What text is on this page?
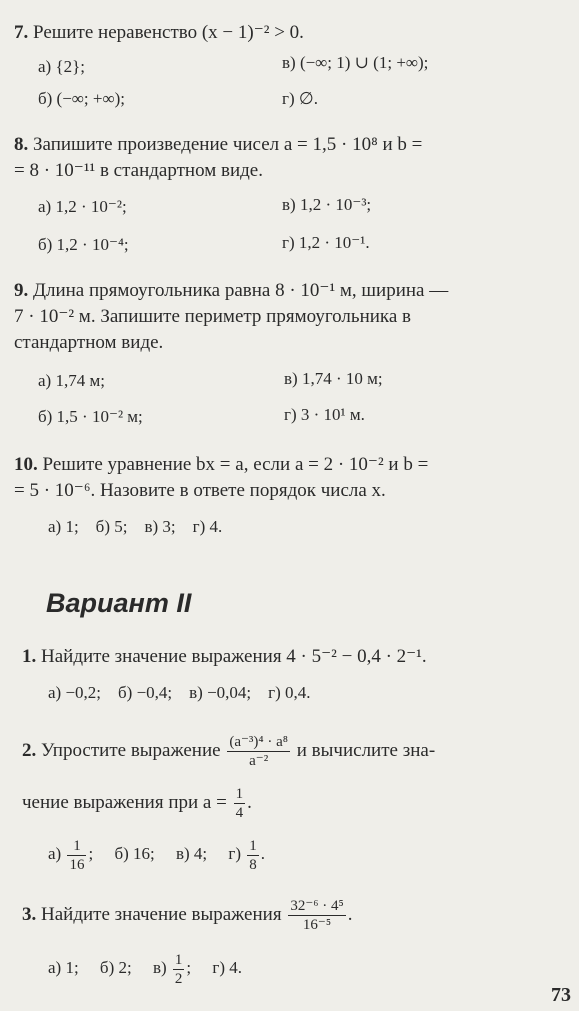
7. Решите неравенство (x − 1)⁻² > 0.
а) {2};	в) (−∞; 1) ∪ (1; +∞);
б) (−∞; +∞);	г) ∅.
8. Запишите произведение чисел a = 1,5 · 10⁸ и b =
= 8 · 10⁻¹¹ в стандартном виде.
а) 1,2 · 10⁻²;	в) 1,2 · 10⁻³;
б) 1,2 · 10⁻⁴;	г) 1,2 · 10⁻¹.
9. Длина прямоугольника равна 8 · 10⁻¹ м, ширина —
7 · 10⁻² м. Запишите периметр прямоугольника в
стандартном виде.
а) 1,74 м;	в) 1,74 · 10 м;
б) 1,5 · 10⁻² м;	г) 3 · 10¹ м.
10. Решите уравнение bx = a, если a = 2 · 10⁻² и b =
= 5 · 10⁻⁶. Назовите в ответе порядок числа x.
а) 1;    б) 5;    в) 3;    г) 4.
Вариант II
1. Найдите значение выражения 4 · 5⁻² − 0,4 · 2⁻¹.
а) −0,2;    б) −0,4;    в) −0,04;    г) 0,4.
2. Упростите выражение $\frac{\text{(a⁻³)⁴ · a⁸}}{\text{a⁻²}}$ и вычислите зна-
чение выражения при $a = \frac{1}{4}$ .
$а) \frac{1}{16}$ ;     б) 16;     в) 4;     $г) \frac{1}{8}$ .
3. Найдите значение выражения $\frac{\text{32⁻⁶ · 4⁵}}{\text{16⁻⁵}}$ .
а) 1;     б) 2;     $в) \frac{1}{2}$ ;     г) 4.
73
